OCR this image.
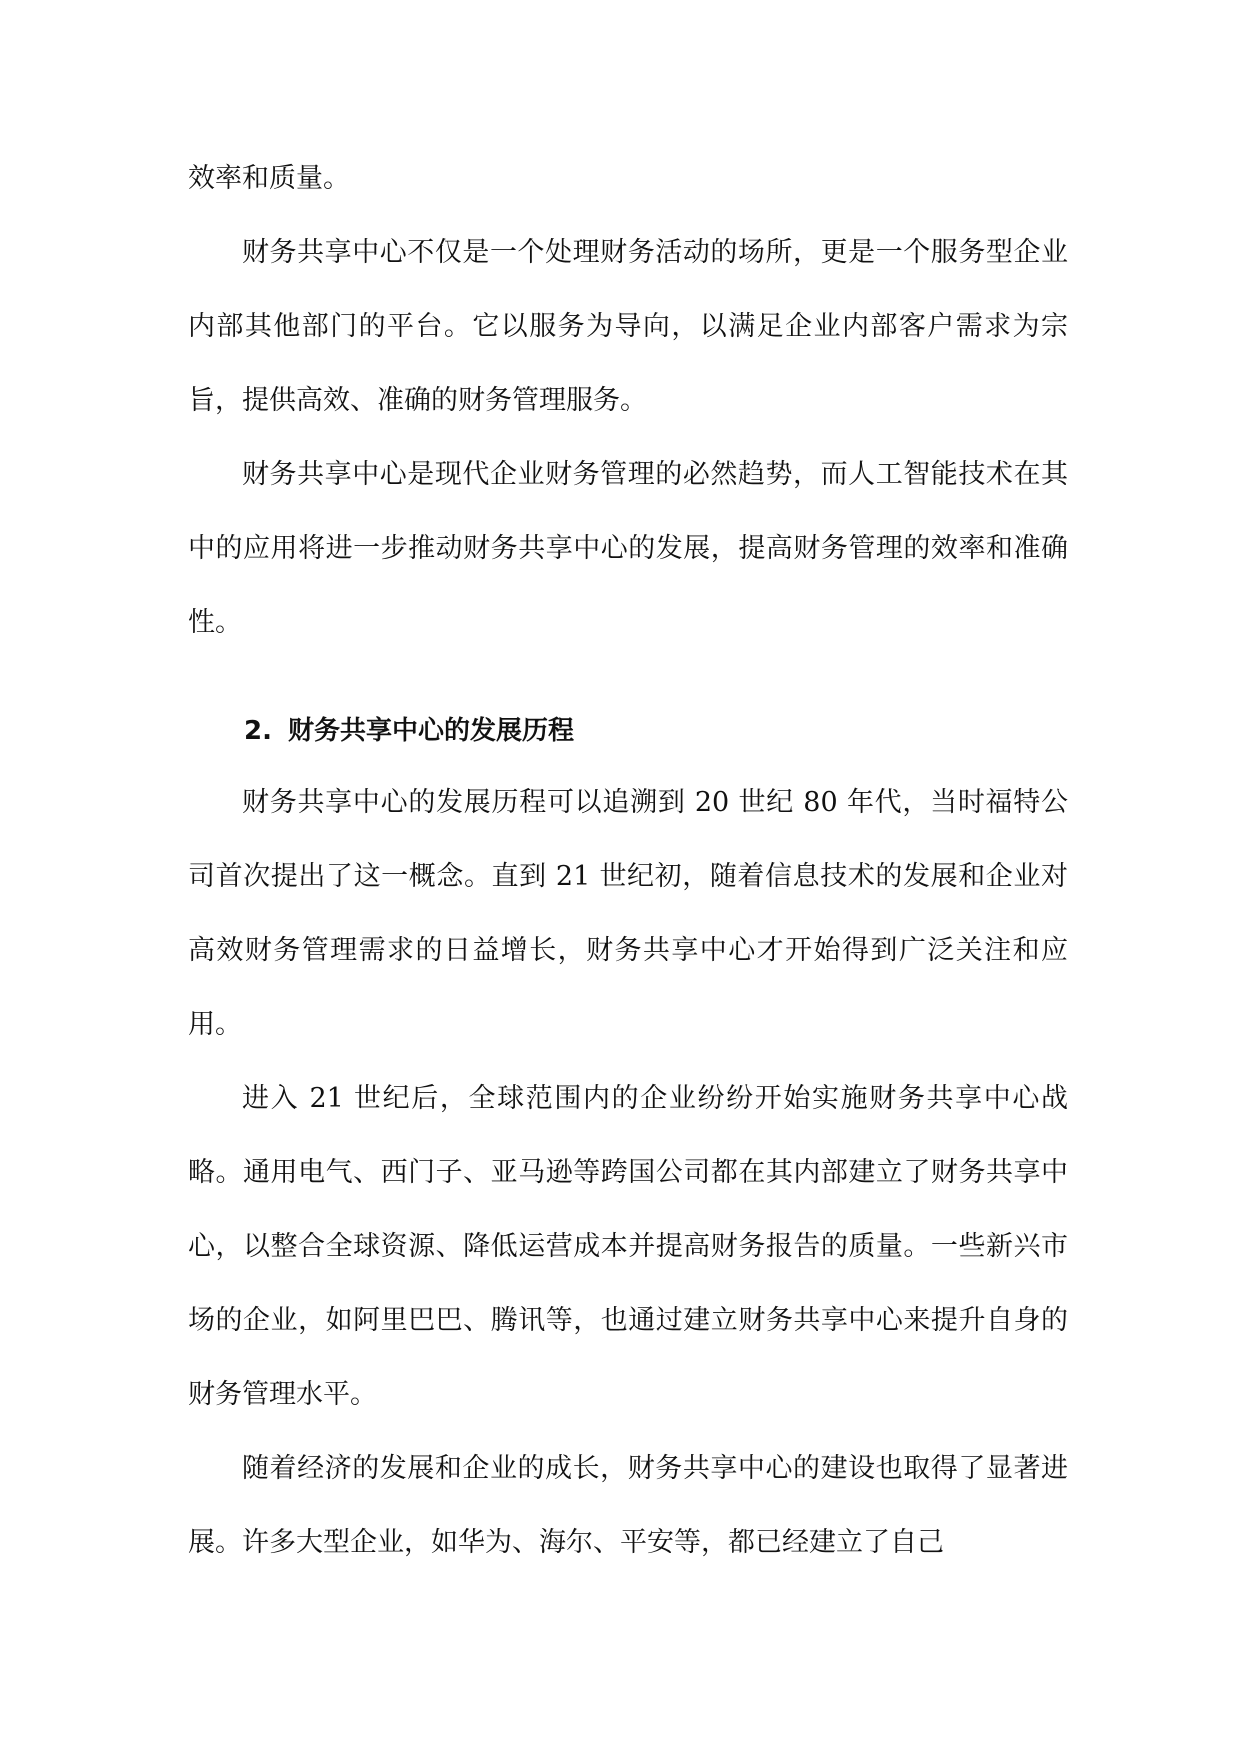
效率和质量。

财务共享中心不仅是一个处理财务活动的场所，更是一个服务型企业内部其他部门的平台。它以服务为导向，以满足企业内部客户需求为宗旨，提供高效、准确的财务管理服务。

财务共享中心是现代企业财务管理的必然趋势，而人工智能技术在其中的应用将进一步推动财务共享中心的发展，提高财务管理的效率和准确性。

2. 财务共享中心的发展历程

财务共享中心的发展历程可以追溯到 20 世纪 80 年代，当时福特公司首次提出了这一概念。直到 21 世纪初，随着信息技术的发展和企业对高效财务管理需求的日益增长，财务共享中心才开始得到广泛关注和应用。

进入 21 世纪后，全球范围内的企业纷纷开始实施财务共享中心战略。通用电气、西门子、亚马逊等跨国公司都在其内部建立了财务共享中心，以整合全球资源、降低运营成本并提高财务报告的质量。一些新兴市场的企业，如阿里巴巴、腾讯等，也通过建立财务共享中心来提升自身的财务管理水平。

随着经济的发展和企业的成长，财务共享中心的建设也取得了显著进展。许多大型企业，如华为、海尔、平安等，都已经建立了自己
